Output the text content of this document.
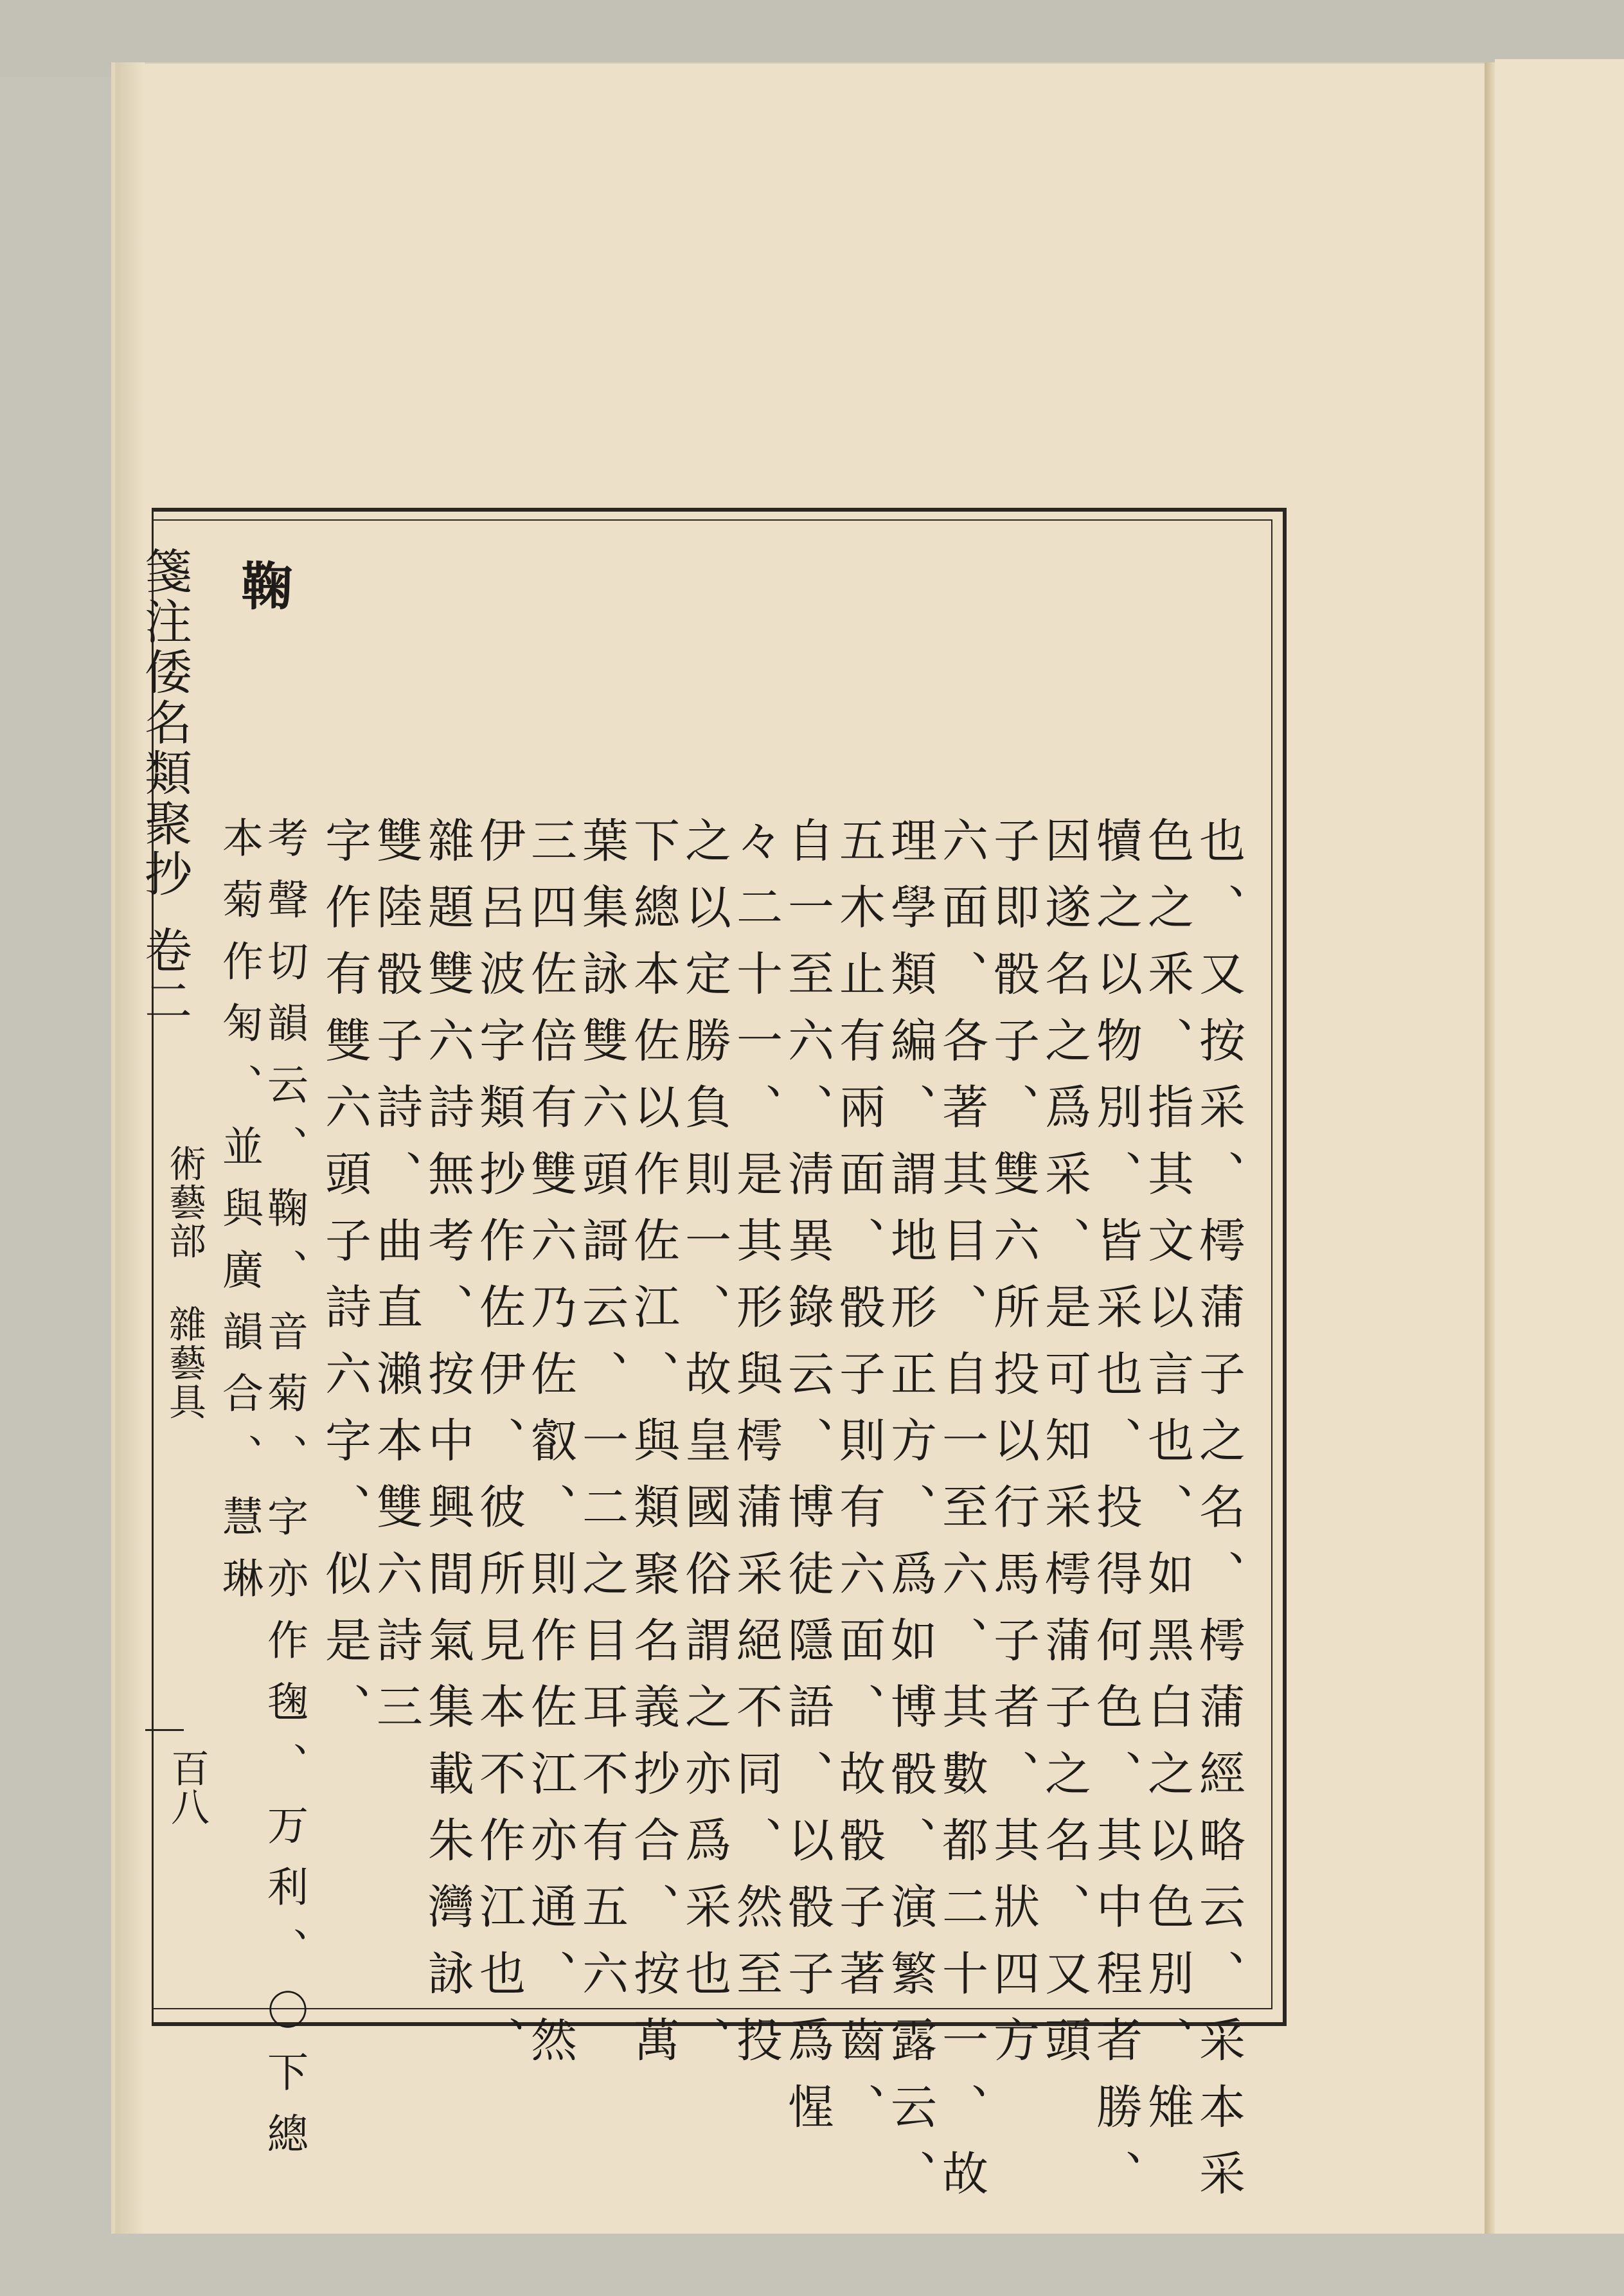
鞠
箋注倭名類聚抄
卷二
術藝部
雜藝具
百八	也、又按采、樗蒲子之名、樗蒲經略云、采本采
色之釆、指其文以言也、如黑白之以色別、雉
犢之以物別、皆采也、投得何色、其中程者勝、
因遂名之爲采、是可知采樗蒲子之名、又頭
子即骰子、雙六所投以行馬子者、其狀四方
六面、各著其目、自一至六、其數都二十一、故
理學類編、謂地形正方、爲如博骰、演繁露云、
五木止有兩面、骰子則有六面、故骰子著齒、
自一至六、淸異錄云、博徒隱語、以骰子爲惺
々二十一、是其形與樗蒲采絕不同、然至投
之以定勝負則一、故皇國俗謂之亦爲采也、
下總本佐以作佐江、與類聚名義抄合、按萬
葉集詠雙六頭謌云、一二之目耳不有五六
三四佐倍有雙六乃佐叡、則作佐江亦通、然
伊呂波字類抄作佐伊、彼所見本不作江也、
雜題雙六詩無考、按中興間氣集載朱灣詠
雙陸骰子詩、曲直瀨本雙六詩三
字作有雙六頭子詩六字、似是、
考聲切韻云、鞠、音菊、字亦作毱、万利、〇下總
本菊作匊、並與廣韻合、慧琳
